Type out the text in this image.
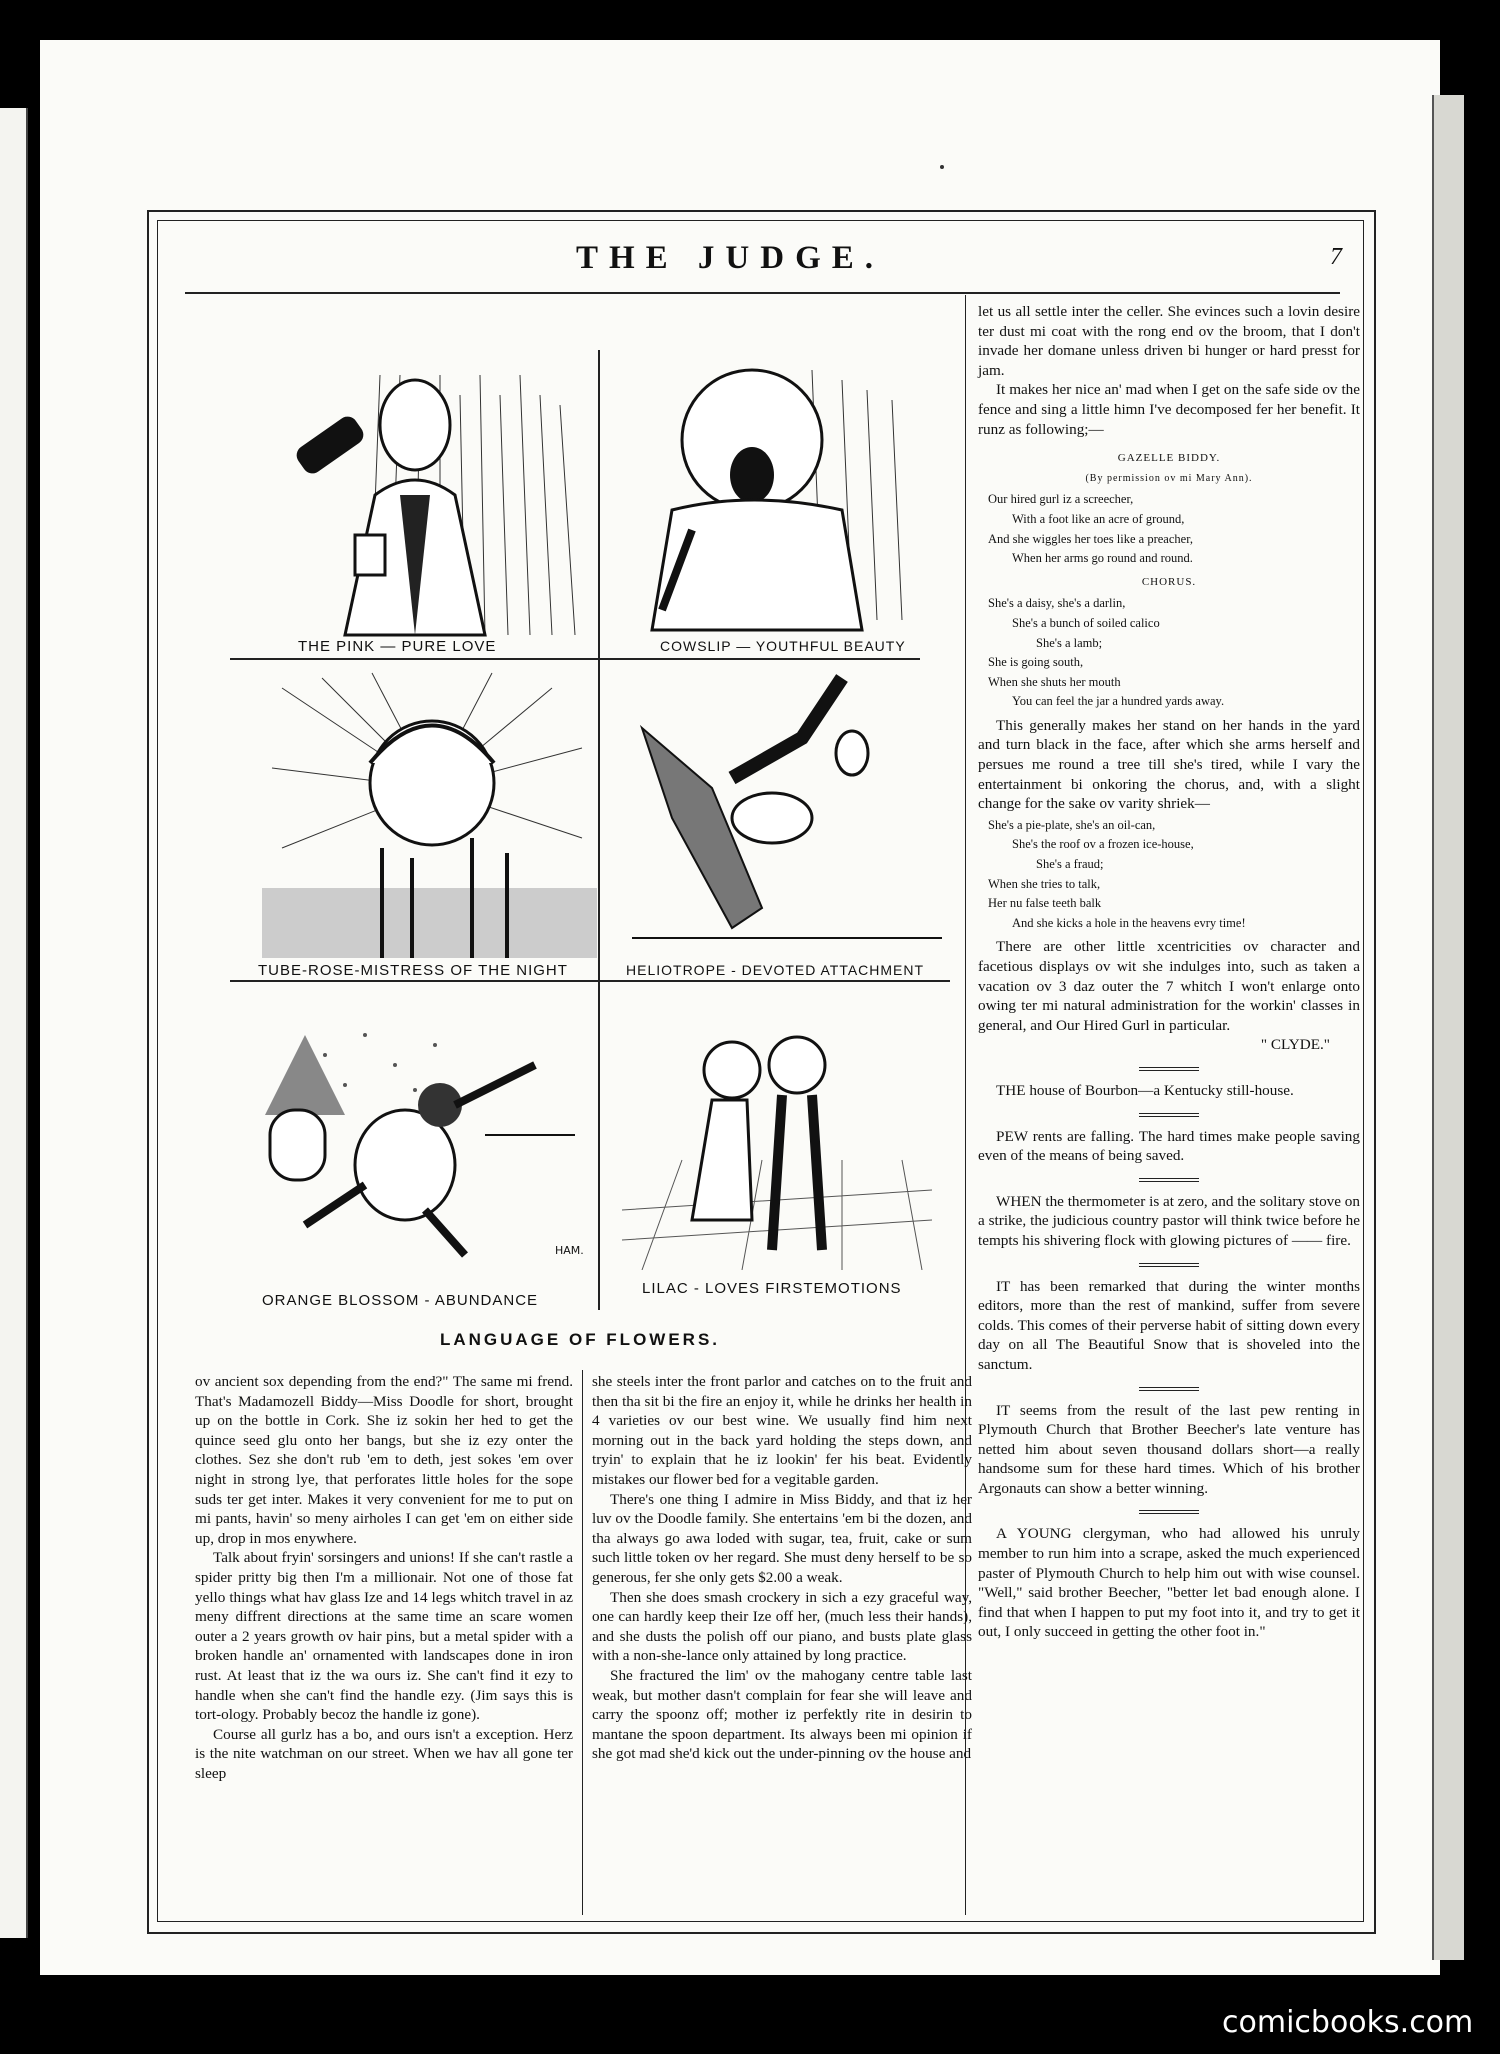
THE JUDGE.	7
THE PINK — PURE LOVE	COWSLIP — YOUTHFUL BEAUTY
TUBE-ROSE-MISTRESS OF THE NIGHT	HELIOTROPE - DEVOTED ATTACHMENT
HAM.
ORANGE BLOSSOM - ABUNDANCE
LILAC - LOVES FIRSTEMOTIONS
LANGUAGE OF FLOWERS.

ov ancient sox depending from the end?" The same mi frend. That's Madamozell Biddy—Miss Doodle for short, brought up on the bottle in Cork. She iz sokin her hed to get the quince seed glu onto her bangs, but she iz ezy onter the clothes. Sez she don't rub 'em to deth, jest sokes 'em over night in strong lye, that perforates little holes for the sope suds ter get inter. Makes it very convenient for me to put on mi pants, havin' so meny airholes I can get 'em on either side up, drop in mos enywhere.

Talk about fryin' sorsingers and unions! If she can't rastle a spider pritty big then I'm a millionair. Not one of those fat yello things what hav glass Ize and 14 legs whitch travel in az meny diffrent directions at the same time an scare women outer a 2 years growth ov hair pins, but a metal spider with a broken handle an' ornamented with landscapes done in iron rust. At least that iz the wa ours iz. She can't find it ezy to handle when she can't find the handle ezy. (Jim says this is tort-ology. Probably becoz the handle iz gone).

Course all gurlz has a bo, and ours isn't a exception. Herz is the nite watchman on our street. When we hav all gone ter sleep

she steels inter the front parlor and catches on to the fruit and then tha sit bi the fire an enjoy it, while he drinks her health in 4 varieties ov our best wine. We usually find him next morning out in the back yard holding the steps down, and tryin' to explain that he iz lookin' fer his beat. Evidently mistakes our flower bed for a vegitable garden.

There's one thing I admire in Miss Biddy, and that iz her luv ov the Doodle family. She entertains 'em bi the dozen, and tha always go awa loded with sugar, tea, fruit, cake or sum such little token ov her regard. She must deny herself to be so generous, fer she only gets $2.00 a weak.

Then she does smash crockery in sich a ezy graceful way, one can hardly keep their Ize off her, (much less their hands), and she dusts the polish off our piano, and busts plate glass with a non-she-lance only attained by long practice.

She fractured the lim' ov the mahogany centre table last weak, but mother dasn't complain for fear she will leave and carry the spoonz off; mother iz perfektly rite in desirin to mantane the spoon department. Its always been mi opinion if she got mad she'd kick out the under-pinning ov the house and

let us all settle inter the celler. She evinces such a lovin desire ter dust mi coat with the rong end ov the broom, that I don't invade her domane unless driven bi hunger or hard presst for jam.

It makes her nice an' mad when I get on the safe side ov the fence and sing a little himn I've decomposed fer her benefit. It runz as following;—

GAZELLE BIDDY.
(By permission ov mi Mary Ann).
Our hired gurl iz a screecher,
With a foot like an acre of ground,
And she wiggles her toes like a preacher,
When her arms go round and round.
CHORUS.
She's a daisy, she's a darlin,
She's a bunch of soiled calico
She's a lamb;
She is going south,
When she shuts her mouth
You can feel the jar a hundred yards away.

This generally makes her stand on her hands in the yard and turn black in the face, after which she arms herself and persues me round a tree till she's tired, while I vary the entertainment bi onkoring the chorus, and, with a slight change for the sake ov varity shriek—

She's a pie-plate, she's an oil-can,
She's the roof ov a frozen ice-house,
She's a fraud;
When she tries to talk,
Her nu false teeth balk
And she kicks a hole in the heavens evry time!

There are other little xcentricities ov character and facetious displays ov wit she indulges into, such as taken a vacation ov 3 daz outer the 7 whitch I won't enlarge onto owing ter mi natural administration for the workin' classes in general, and Our Hired Gurl in particular.

" CLYDE."

THE house of Bourbon—a Kentucky still-house.

PEW rents are falling. The hard times make people saving even of the means of being saved.

WHEN the thermometer is at zero, and the solitary stove on a strike, the judicious country pastor will think twice before he tempts his shivering flock with glowing pictures of —— fire.

IT has been remarked that during the winter months editors, more than the rest of mankind, suffer from severe colds. This comes of their perverse habit of sitting down every day on all The Beautiful Snow that is shoveled into the sanctum.

IT seems from the result of the last pew renting in Plymouth Church that Brother Beecher's late venture has netted him about seven thousand dollars short—a really handsome sum for these hard times. Which of his brother Argonauts can show a better winning.

A YOUNG clergyman, who had allowed his unruly member to run him into a scrape, asked the much experienced paster of Plymouth Church to help him out with wise counsel. "Well," said brother Beecher, "better let bad enough alone. I find that when I happen to put my foot into it, and try to get it out, I only succeed in getting the other foot in."

comicbooks.com
